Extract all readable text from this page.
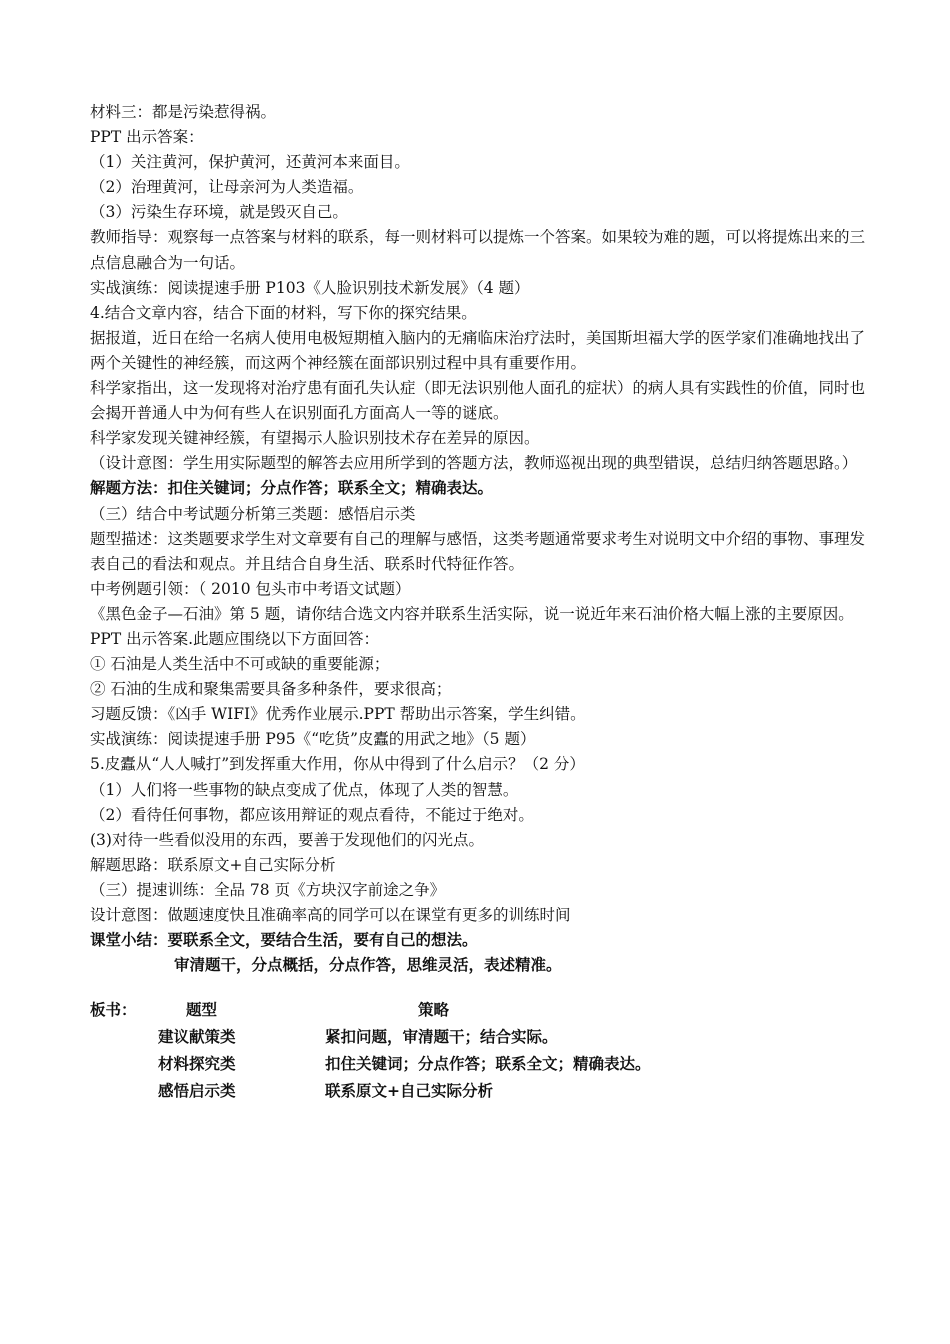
材料三：都是污染惹得祸。

PPT 出示答案：

（1）关注黄河，保护黄河，还黄河本来面目。

（2）治理黄河，让母亲河为人类造福。

（3）污染生存环境，就是毁灭自己。

教师指导：观察每一点答案与材料的联系，每一则材料可以提炼一个答案。如果较为难的题，可以将提炼出来的三点信息融合为一句话。

实战演练：阅读提速手册 P103《人脸识别技术新发展》（4 题）

4.结合文章内容，结合下面的材料，写下你的探究结果。

据报道，近日在给一名病人使用电极短期植入脑内的无痛临床治疗法时，美国斯坦福大学的医学家们准确地找出了两个关键性的神经簇，而这两个神经簇在面部识别过程中具有重要作用。

科学家指出，这一发现将对治疗患有面孔失认症（即无法识别他人面孔的症状）的病人具有实践性的价值，同时也会揭开普通人中为何有些人在识别面孔方面高人一等的谜底。

科学家发现关键神经簇，有望揭示人脸识别技术存在差异的原因。

（设计意图：学生用实际题型的解答去应用所学到的答题方法，教师巡视出现的典型错误，总结归纳答题思路。）

解题方法：扣住关键词；分点作答；联系全文；精确表达。

（三）结合中考试题分析第三类题：感悟启示类

题型描述：这类题要求学生对文章要有自己的理解与感悟，这类考题通常要求考生对说明文中介绍的事物、事理发表自己的看法和观点。并且结合自身生活、联系时代特征作答。

中考例题引领：（ 2010 包头市中考语文试题）

《黑色金子—石油》第 5 题，请你结合选文内容并联系生活实际，说一说近年来石油价格大幅上涨的主要原因。

PPT 出示答案.此题应围绕以下方面回答：

① 石油是人类生活中不可或缺的重要能源；

② 石油的生成和聚集需要具备多种条件，要求很高；

习题反馈：《凶手 WIFI》优秀作业展示.PPT 帮助出示答案，学生纠错。

实战演练：阅读提速手册 P95《“吃货”皮蠹的用武之地》（5 题）

5.皮蠹从“人人喊打”到发挥重大作用，你从中得到了什么启示？（2 分）

（1）人们将一些事物的缺点变成了优点，体现了人类的智慧。

（2）看待任何事物，都应该用辩证的观点看待，不能过于绝对。

(3)对待一些看似没用的东西，要善于发现他们的闪光点。

解题思路：联系原文+自己实际分析

（三）提速训练：全品 78 页《方块汉字前途之争》

设计意图：做题速度快且准确率高的同学可以在课堂有更多的训练时间

课堂小结：要联系全文，要结合生活，要有自己的想法。

审清题干，分点概括，分点作答，思维灵活，表述精准。

板书：	题型	策略
建议献策类	紧扣问题，审清题干；结合实际。
材料探究类	扣住关键词；分点作答；联系全文；精确表达。
感悟启示类	联系原文+自己实际分析
